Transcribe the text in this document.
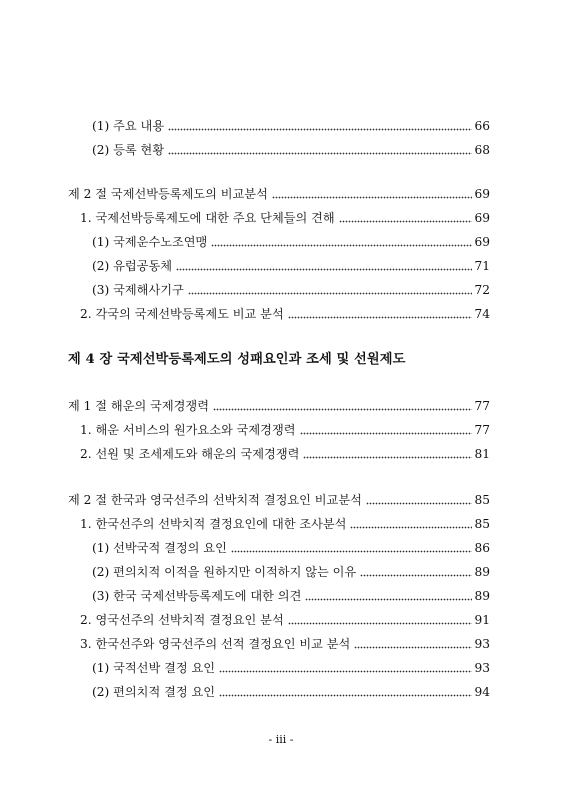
(1) 주요 내용	66
(2) 등록 현황	68
제 2 절 국제선박등록제도의 비교분석	69
1. 국제선박등록제도에 대한 주요 단체들의 견해	69
(1) 국제운수노조연맹	69
(2) 유럽공동체	71
(3) 국제해사기구	72
2. 각국의 국제선박등록제도 비교 분석	74
제 4 장 국제선박등록제도의 성패요인과 조세 및 선원제도
제 1 절 해운의 국제경쟁력	77
1. 해운 서비스의 원가요소와 국제경쟁력	77
2. 선원 및 조세제도와 해운의 국제경쟁력	81
제 2 절 한국과 영국선주의 선박치적 결정요인 비교분석	85
1. 한국선주의 선박치적 결정요인에 대한 조사분석	85
(1) 선박국적 결정의 요인	86
(2) 편의치적 이적을 원하지만 이적하지 않는 이유	89
(3) 한국 국제선박등록제도에 대한 의견	89
2. 영국선주의 선박치적 결정요인 분석	91
3. 한국선주와 영국선주의 선적 결정요인 비교 분석	93
(1) 국적선박 결정 요인	93
(2) 편의치적 결정 요인	94
- iii -
